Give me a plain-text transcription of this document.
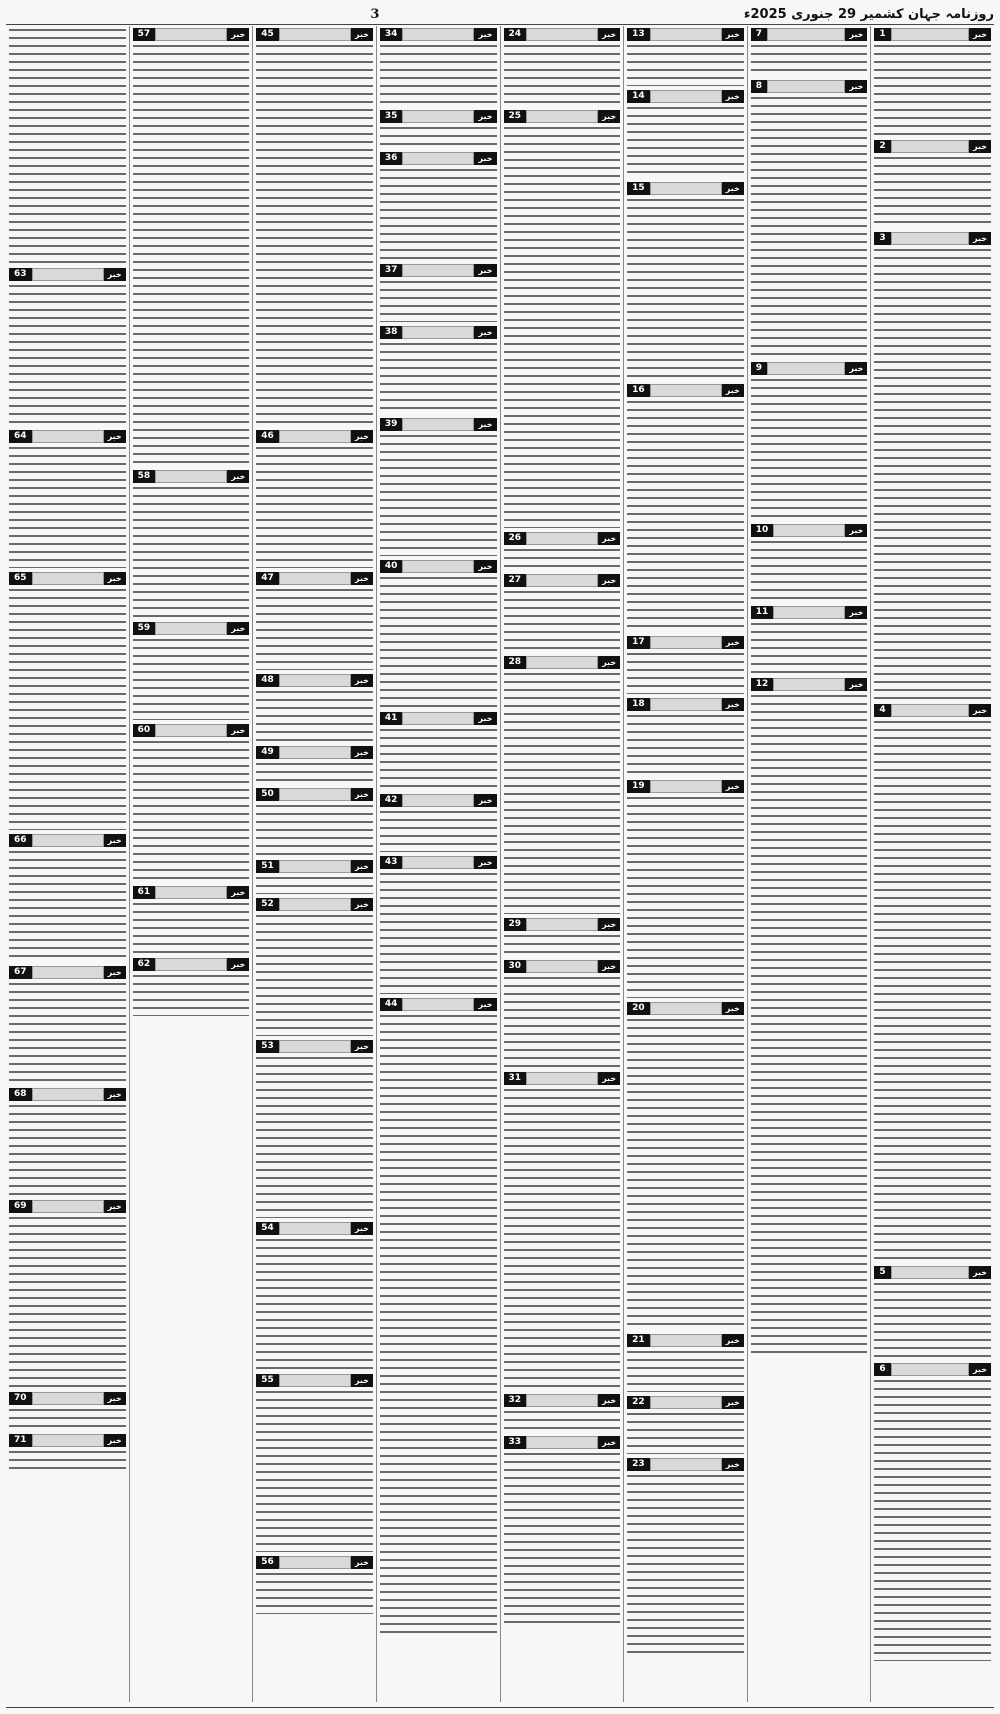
روزنامہ جہان کشمیر 29 جنوری 2025ء
3
خبر
1
خبر
2
خبر
3
خبر
4
خبر
5
خبر
6
خبر
7
خبر
8
خبر
9
خبر
10
خبر
11
خبر
12
خبر
13
خبر
14
خبر
15
خبر
16
خبر
17
خبر
18
خبر
19
خبر
20
خبر
21
خبر
22
خبر
23
خبر
24
خبر
25
خبر
26
خبر
27
خبر
28
خبر
29
خبر
30
خبر
31
خبر
32
خبر
33
خبر
34
خبر
35
خبر
36
خبر
37
خبر
38
خبر
39
خبر
40
خبر
41
خبر
42
خبر
43
خبر
44
خبر
45
خبر
46
خبر
47
خبر
48
خبر
49
خبر
50
خبر
51
خبر
52
خبر
53
خبر
54
خبر
55
خبر
56
خبر
57
خبر
58
خبر
59
خبر
60
خبر
61
خبر
62
خبر
63
خبر
64
خبر
65
خبر
66
خبر
67
خبر
68
خبر
69
خبر
70
خبر
71
